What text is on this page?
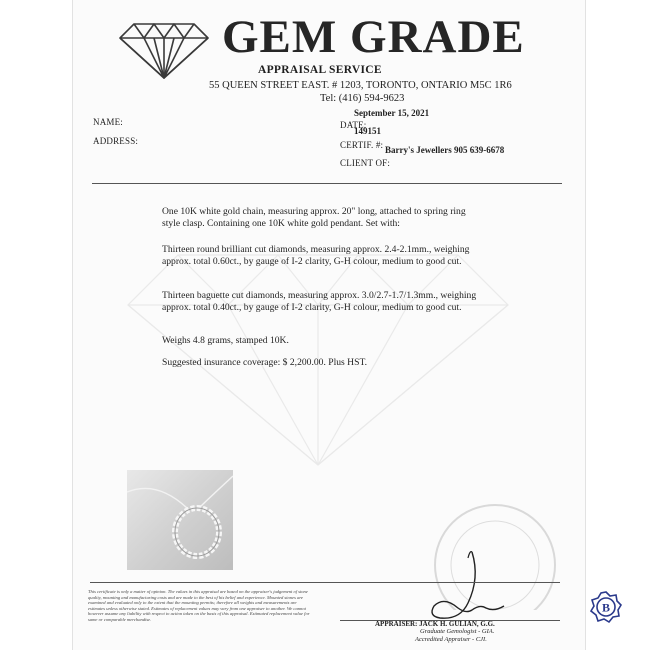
GEM GRADE
APPRAISAL SERVICE
55 QUEEN STREET EAST. # 1203, TORONTO, ONTARIO M5C 1R6
Tel: (416) 594-9623
September 15, 2021
NAME:	DATE:
149151
ADDRESS:	CERTIF. #: Barry's Jewellers 905 639-6678
CLIENT OF:

One 10K white gold chain, measuring approx. 20" long, attached to spring ring style clasp. Containing one 10K white gold pendant. Set with:

Thirteen round brilliant cut diamonds, measuring approx. 2.4-2.1mm., weighing approx. total 0.60ct., by gauge of I-2 clarity, G-H colour, medium to good cut.

Thirteen baguette cut diamonds, measuring approx. 3.0/2.7-1.7/1.3mm., weighing approx. total 0.40ct., by gauge of I-2 clarity, G-H colour, medium to good cut.

Weighs 4.8 grams, stamped 10K.

Suggested insurance coverage: $ 2,200.00. Plus HST.

This certificate is only a matter of opinion. The values in this appraisal are based on the appraiser's judgement of stone quality, mounting and manufacturing costs and are made to the best of his belief and experience. Mounted stones are examined and evaluated only to the extent that the mounting permits; therefore all weights and measurements are estimates unless otherwise stated. Estimates of replacement values may vary from one appraiser to another. We cannot however assume any liability with respect to action taken on the basis of this appraisal. Estimated replacement value for same or comparable merchandise.

APPRAISER: JACK H. GULIAN, G.G.
Graduate Gemologist - GIA.
Accredited Appraiser - CJI.
B
